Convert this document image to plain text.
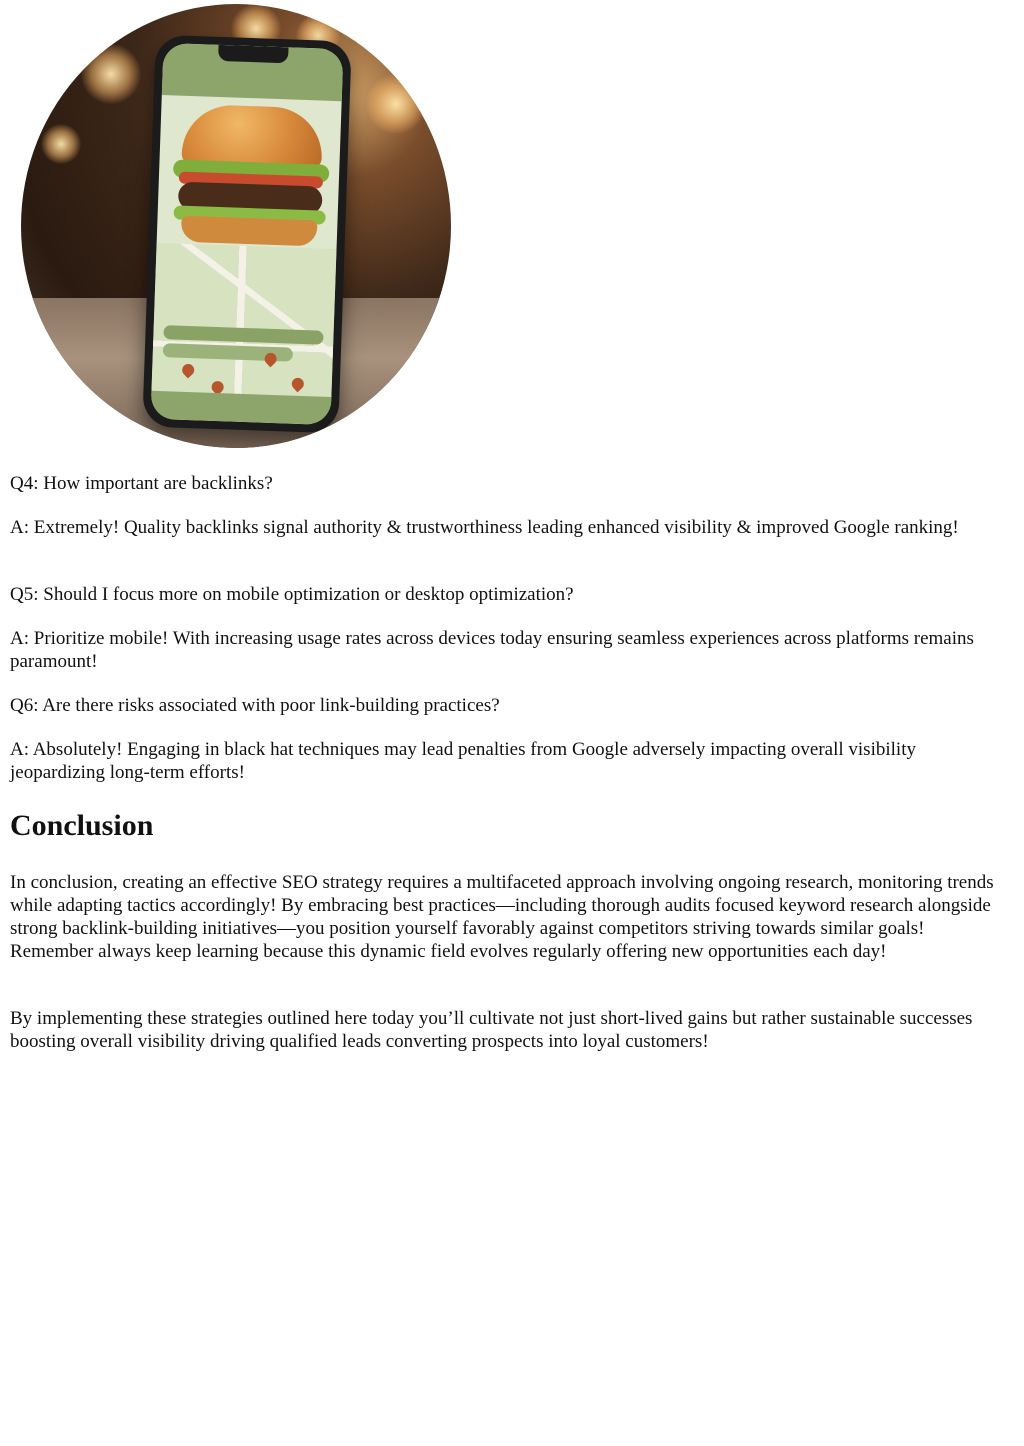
Q4: How important are backlinks?

A: Extremely! Quality backlinks signal authority & trustworthiness leading enhanced visibility & improved Google ranking!

Q5: Should I focus more on mobile optimization or desktop optimization?

A: Prioritize mobile! With increasing usage rates across devices today ensuring seamless experiences across platforms remains paramount!

Q6: Are there risks associated with poor link-building practices?

A: Absolutely! Engaging in black hat techniques may lead penalties from Google adversely impacting overall visibility jeopardizing long-term efforts!

Conclusion

In conclusion, creating an effective SEO strategy requires a multifaceted approach involving ongoing research, monitoring trends while adapting tactics accordingly! By embracing best practices—including thorough audits focused keyword research alongside strong backlink-building initiatives—you position yourself favorably against competitors striving towards similar goals! Remember always keep learning because this dynamic field evolves regularly offering new opportunities each day!

By implementing these strategies outlined here today you’ll cultivate not just short-lived gains but rather sustainable successes boosting overall visibility driving qualified leads converting prospects into loyal customers!
